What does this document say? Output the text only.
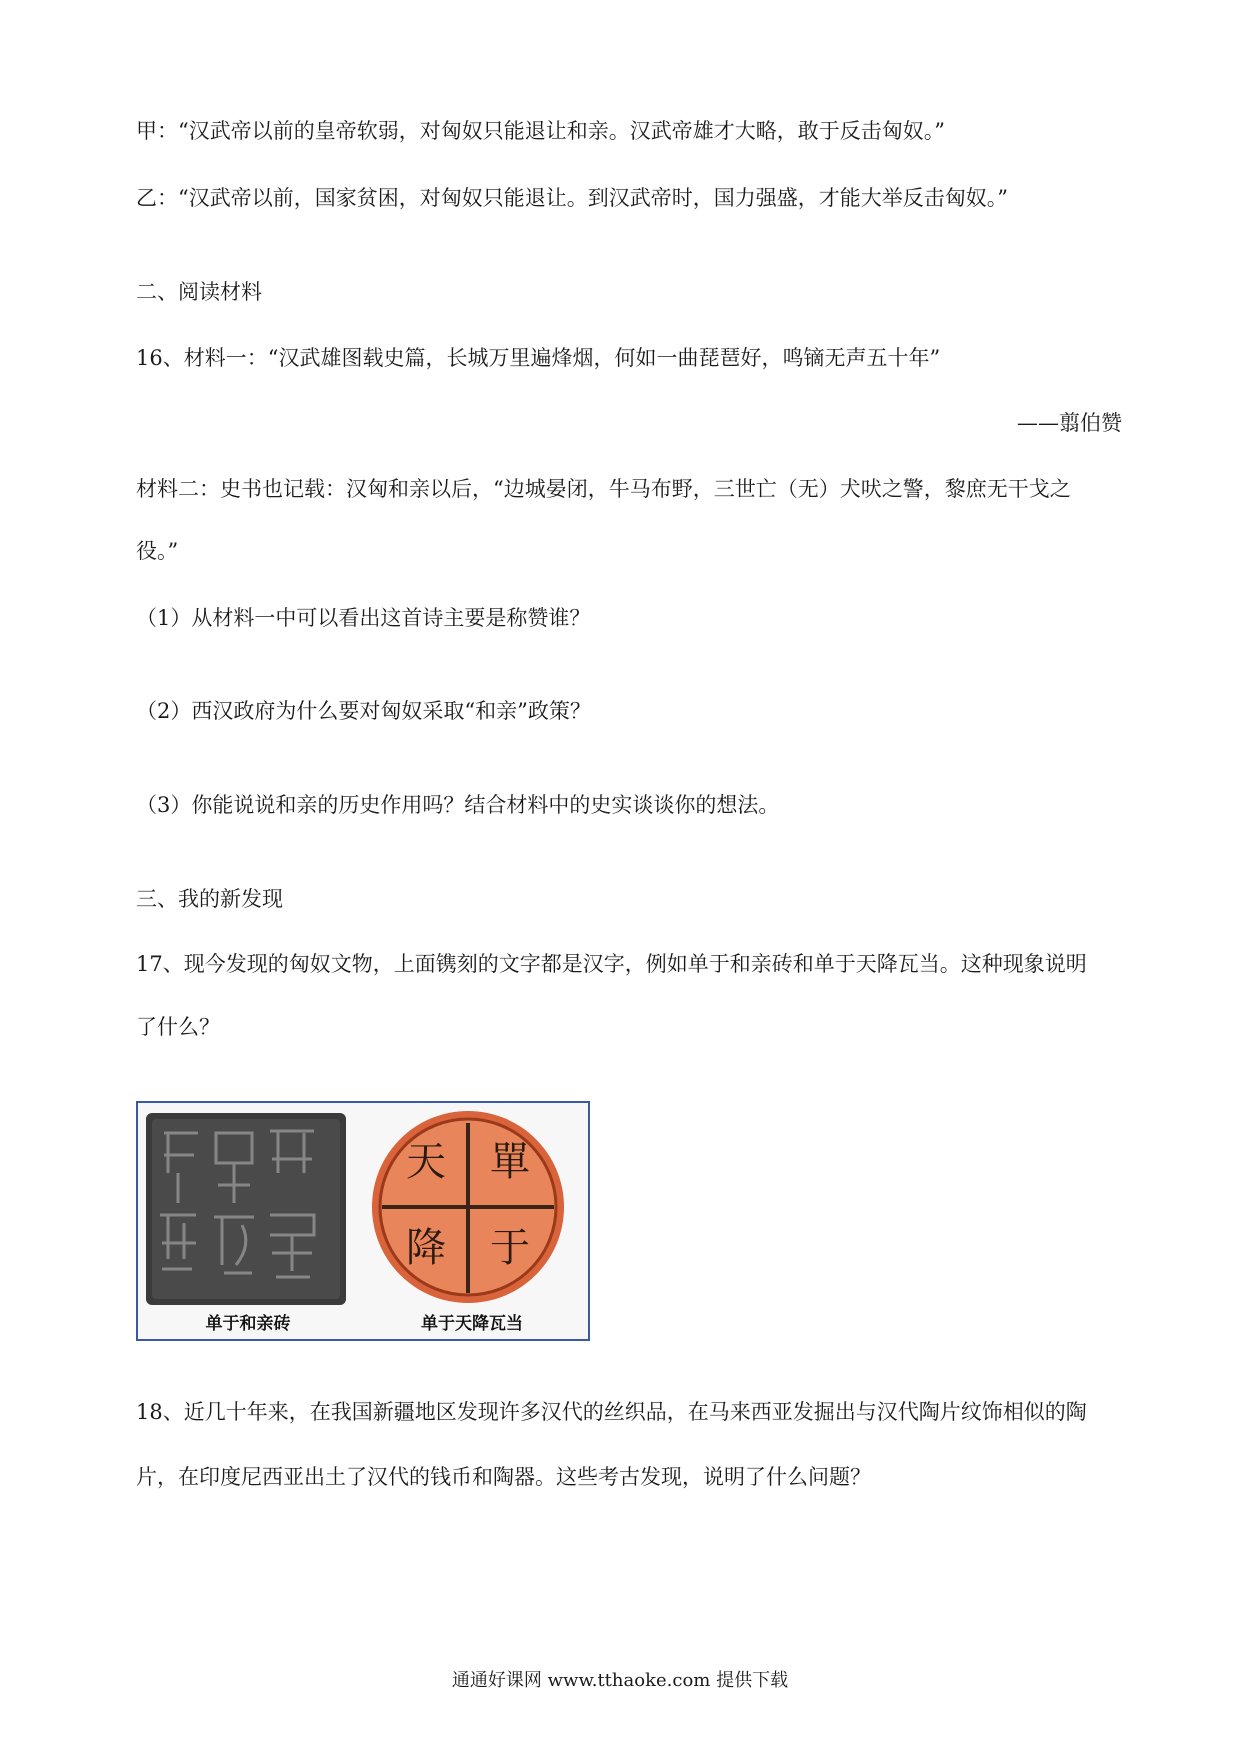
甲：“汉武帝以前的皇帝软弱，对匈奴只能退让和亲。汉武帝雄才大略，敢于反击匈奴。”
乙：“汉武帝以前，国家贫困，对匈奴只能退让。到汉武帝时，国力强盛，才能大举反击匈奴。”
二、阅读材料
16、材料一：“汉武雄图载史篇，长城万里遍烽烟，何如一曲琵琶好，鸣镝无声五十年”
——翦伯赞
材料二：史书也记载：汉匈和亲以后，“边城晏闭，牛马布野，三世亡（无）犬吠之警，黎庶无干戈之
役。”
（1）从材料一中可以看出这首诗主要是称赞谁？
（2）西汉政府为什么要对匈奴采取“和亲”政策？
（3）你能说说和亲的历史作用吗？结合材料中的史实谈谈你的想法。
三、我的新发现
17、现今发现的匈奴文物，上面镌刻的文字都是汉字，例如单于和亲砖和单于天降瓦当。这种现象说明
了什么？
單
于
天
降
单于和亲砖	单于天降瓦当
18、近几十年来，在我国新疆地区发现许多汉代的丝织品，在马来西亚发掘出与汉代陶片纹饰相似的陶
片，在印度尼西亚出土了汉代的钱币和陶器。这些考古发现，说明了什么问题？
通通好课网 www.tthaoke.com 提供下载
